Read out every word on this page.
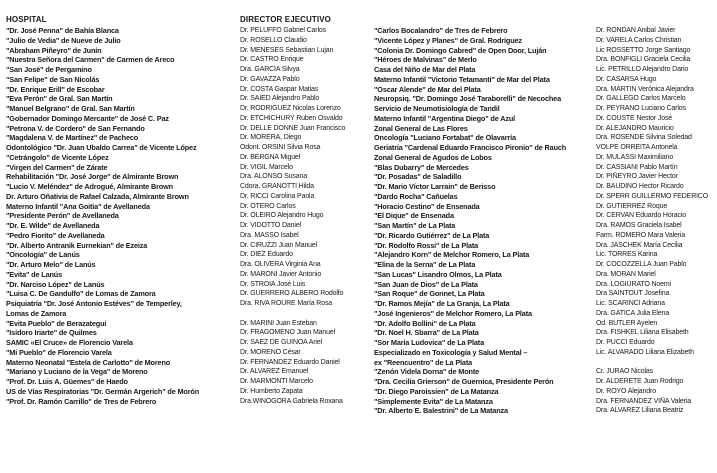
HOSPITAL	DIRECTOR EJECUTIVO
"Dr. José Penna" de Bahía Blanca	Dr. PELUFFO Gabriel Carlos
"Julio de Vedia" de Nueve de Julio	Dr. ROSELLO Claudio
"Abraham Piñeyro" de Junín	Dr. MENESES Sebastian Lujan
"Nuestra Señora del Carmen" de Carmen de Areco	Dr. CASTRO Enrique
"San José" de Pergamino	Dra. GARCÍA Silvya
"San Felipe" de San Nicolás	Dr. GAVAZZA Pablo
"Dr. Enrique Erill" de Escobar	Dr. COSTA Gaspar Matias
"Eva Perón" de Gral. San Martín	Dr. SAIED Alejandro Pablo
"Manuel Belgrano" de Gral. San Martín	Dr. RODRIGUEZ Nicolas Lorenzo
"Gobernador Domingo Mercante" de José C. Paz	Dr. ETCHICHURY Ruben Osvaldo
"Petrona V. de Cordero" de San Fernando	Dr. DELLE DONNE Juan Francisco
"Magdalena V. de Martínez" de Pacheco	Dr. MORERA, Diego
Odontológico "Dr. Juan Ubaldo Carrea" de Vicente López	Odont. ORSINI Silvia Rosa
"Cetrángolo" de Vicente López	Dr. BERGNA Miguel
"Virgen del Carmen" de Zárate	Dr. VIGIL Marcelo
Rehabilitación "Dr. José Jorge" de Almirante Brown	Dra. ALONSO Susana
"Lucio V. Meléndez" de Adrogué, Almirante Brown	Cdora. GRANOTTI Hilda
Dr. Arturo Oñativia de Rafael Calzada, Almirante Brown	Dr. RICCI Carolina Paola
Materno Infantil "Ana Goitia" de Avellaneda	Dr. OTERO Carlos
"Presidente Perón" de Avellaneda	Dr. OLEIRO Alejandro Hugo
"Dr. E. Wilde" de Avellaneda	Dr. VIDOTTO Daniel
"Pedro Fiorito" de Avellaneda	Dra. MASSO Isabel
"Dr. Alberto Antranik Eurnekian" de Ezeiza	Dr. CIRUZZI Juan Manuel
"Oncología" de Lanús	Dr. DIEZ Eduardo
"Dr. Arturo Melo" de Lanús	Dra. OLIVERA Virginia Ana
"Evita" de Lanús	Dr. MARONI Javier Antonio
"Dr. Narciso López" de Lanús	Dr. STROIA José Luis
"Luisa C. De Gandulfo" de Lomas de Zamora	Dr. GUERRERO ALBERO Rodolfo
Psiquiatría "Dr. José Antonio Estéves" de Temperley,	Dra. RIVA ROURE María Rosa
Lomas de Zamora
"Evita Pueblo" de Berazategui	Dr. MARINI Juan Esteban
"Isidoro Iriarte" de Quilmes	Dr. FRAGOMENO Juan Manuel
SAMIC «El Cruce» de Florencio Varela	Dr. SAEZ DE GUINOA Ariel
"Mi Pueblo" de Florencio Varela	Dr. MORENO César
Materno Neonatal "Estela de Carlotto" de Moreno	Dr. FERNANDEZ Eduardo Daniel
"Mariano y Luciano de la Vega" de Moreno	Dr. ALVAREZ Emanuel
"Prof. Dr. Luis A. Güemes" de Haedo	Dr. MARMONTI Marcelo
US de Vías Respiratorias "Dr. Germán Argerich" de Morón	Dr. Humberto Zapata
"Prof. Dr. Ramón Carrillo" de Tres de Febrero	Dra.WINOGORA Gabriela Roxana
"Carlos Bocalandro" de Tres de Febrero	Dr. RONDAN Anibal Javier
"Vicente López y Planes" de Gral. Rodríguez	Dr. VARELA Carlos Christian
"Colonia Dr. Domingo Cabred" de Open Door, Luján	Lic ROSSETTO Jorge Santiago
"Héroes de Malvinas" de Merlo	Dra. BONFIGLI Graciela Cecilia
Casa del Niño de Mar del Plata	Lic. PETRILLO Alejandro Dario
Materno Infantil "Victorio Tetamanti" de Mar del Plata	Dr. CASARSA Hugo
"Oscar Alende" de Mar del Plata	Dra. MARTIN Verónica Alejandra
Neuropsiq. "Dr. Domingo José Taraborelli" de Necochea	Dr. GALLEGO Carlos Marcelo
Servicio de Neumotisiología de Tandil	Dr. PEYRANO Luciano Carlos
Materno Infantil "Argentina Diego" de Azul	Dr. COUSTE Nestor José
Zonal General de Las Flores	Dr. ALEJANDRO Mauricio
Oncología "Luciano Fortabat" de Olavarría	Dra. ROSENDE Silvina Soledad
Geriatría "Cardenal Eduardo Francisco Pironio" de Rauch	VOLPE ORREITA Antonela
Zonal General de Agudos de Lobos	Dr. MULASSI Maximiliano
"Blas Dubarry" de Mercedes	Dr. CASSIANI Pablo Martín
"Dr. Posadas" de Saladillo	Dr. PIÑEYRO Javier Hector
"Dr. Mario Víctor Larrain" de Berisso	Dr. BAUDINO Hector Ricardo
"Dardo Rocha" Cañuelas	Dr. SPERR GUILLERMO FEDERICO
"Horacio Cestino" de Ensenada	Dr. GUTIERREZ Roque
"El Dique" de Ensenada	Dr. CERVAN Eduardo Horacio
"San Martín" de La Plata	Dra. RAMOS Graciela Isabel
"Dr. Ricardo Gutiérrez" de La Plata	Farm. ROMERO Mara Valeria
"Dr. Rodolfo Rossi" de La Plata	Dra. JASCHEK María Cecilia
"Alejandro Korn" de Melchor Romero, La Plata	Lic. TORRES Karina
"Elina de la Serna" de La Plata	Dr. COCOZZELLA Juan Pablo
"San Lucas" Lisandro Olmos, La Plata	Dra. MORAN Mariel
"San Juan de Dios" de La Plata	Dra. LOGIURATO Noemi
"San Roque" de Gonnet, La Plata	Dra SAINTOUT Josefina
"Dr. Ramos Mejía" de La Granja, La Plata	Lic. SCARINCI Adriana
"José Ingenieros" de Melchor Romero, La Plata	Dra. GATICA Julia Elena
"Dr. Adolfo Bollini" de La Plata	Od. BUTLER Ayelen
"Dr. Noel H. Sbarra" de La Plata	Dra. FISHKEL Liliana Elisabeth
"Sor María Ludovica" de La Plata	Dr. PUCCI Eduardo
Especializado en Toxicología y Salud Mental –	Lic. ALVARADO Liliana Elizabeth
ex "Reencuentro" de La Plata
"Zenón Videla Dorna" de Monte	Cr. JURAO Nicolas
"Dra. Cecilia Grierson" de Guernica, Presidente Perón	Dr. ALDERETE Juan Rodrigo
"Dr. Diego Paroissien" de La Matanza	Dr. ROYO Alejandro
"Simplemente Evita" de La Matanza	Dra. FERNANDEZ VIÑA Valeria
"Dr. Alberto E. Balestrini" de La Matanza	Dra. ALVAREZ Liliana Beatriz
